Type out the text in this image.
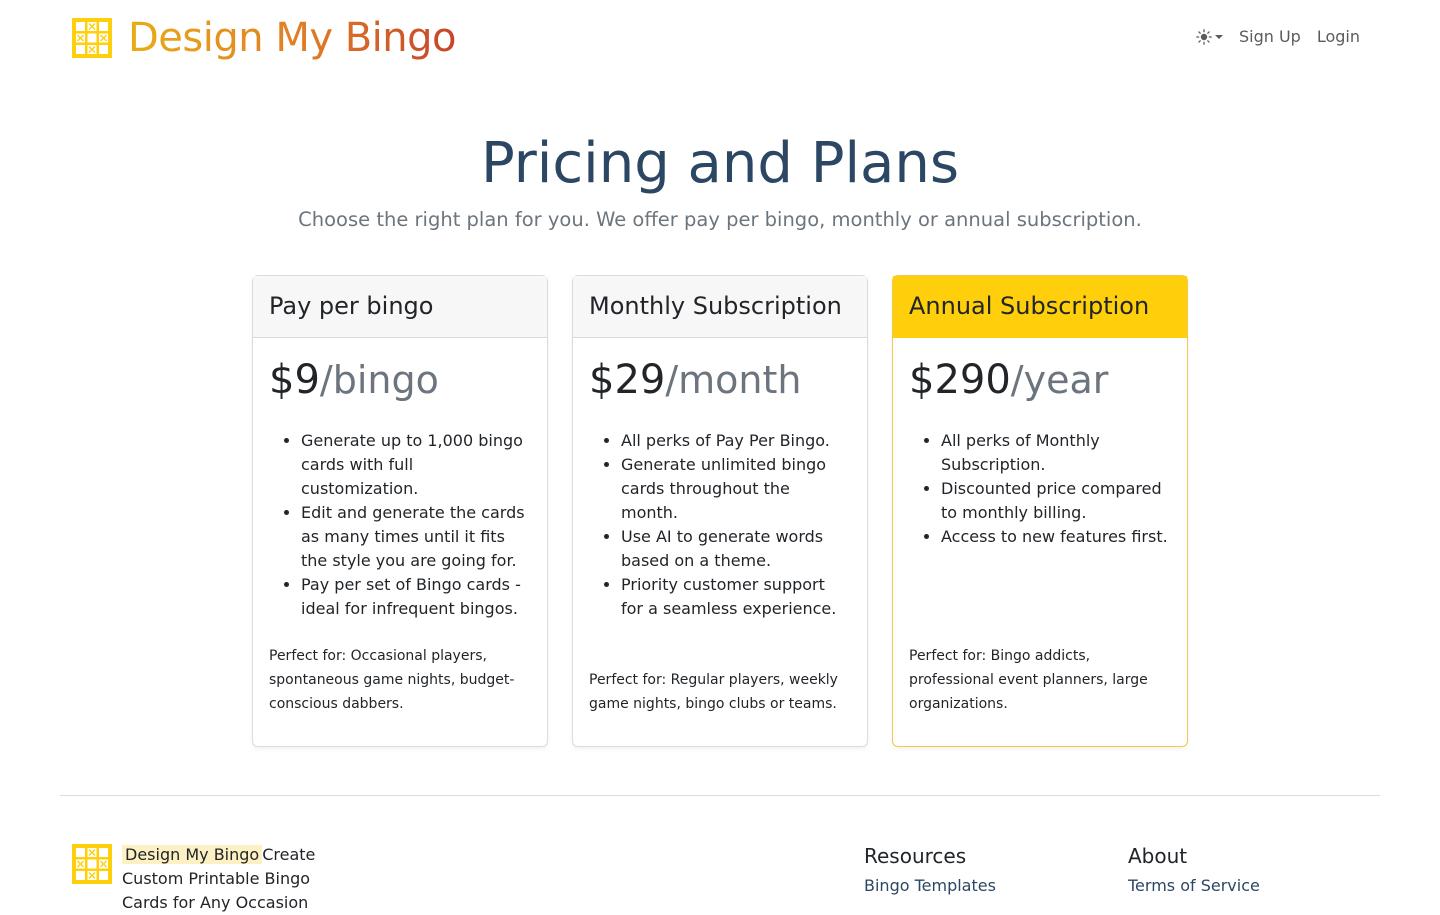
Design My Bingo	Sign Up Login
Pricing and Plans

Choose the right plan for you. We offer pay per bingo, monthly or annual subscription.

Pay per bingo
$9/bingo
• Generate up to 1,000 bingo cards with full customization.
• Edit and generate the cards as many times until it fits the style you are going for.
• Pay per set of Bingo cards - ideal for infrequent bingos.

Perfect for: Occasional players, spontaneous game nights, budget-conscious dabbers.

Monthly Subscription
$29/month
• All perks of Pay Per Bingo.
• Generate unlimited bingo cards throughout the month.
• Use AI to generate words based on a theme.
• Priority customer support for a seamless experience.

Perfect for: Regular players, weekly game nights, bingo clubs or teams.

Annual Subscription
$290/year
• All perks of Monthly Subscription.
• Discounted price compared to monthly billing.
• Access to new features first.

Perfect for: Bingo addicts, professional event planners, large organizations.

Design My Bingo Create Custom Printable Bingo Cards for Any Occasion
Resources
Bingo Templates
About
Terms of Service
